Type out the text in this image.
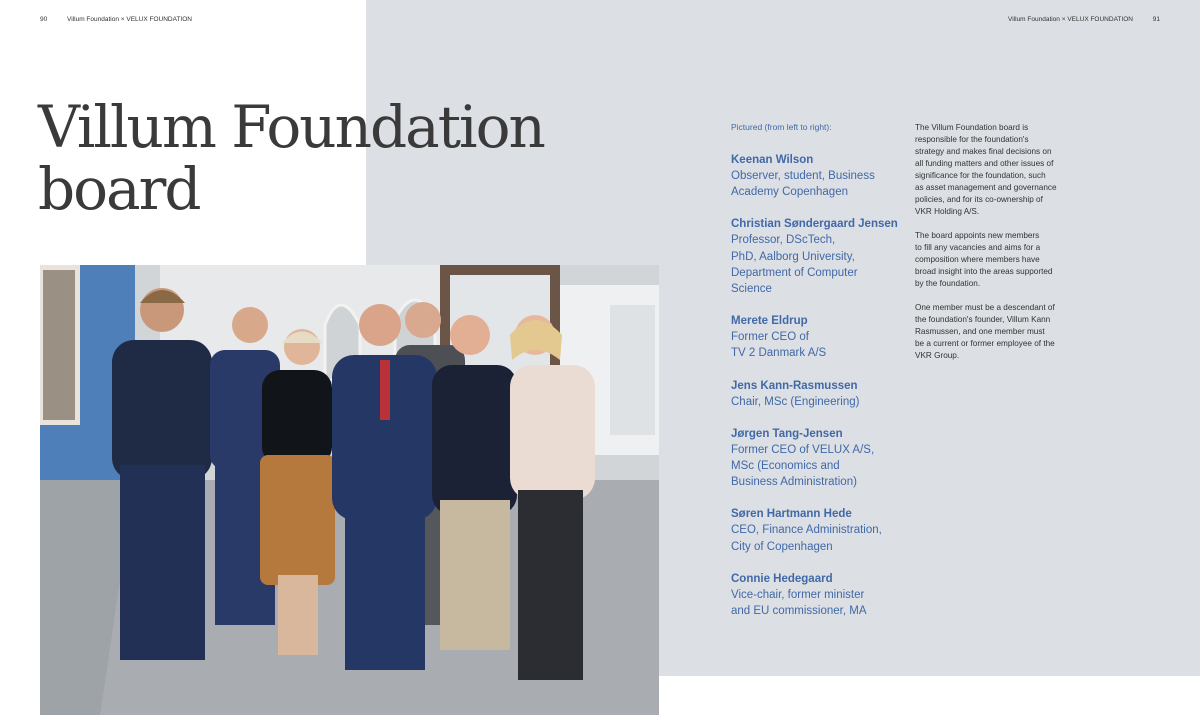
90	Villum Foundation × VELUX FOUNDATION	Villum Foundation × VELUX FOUNDATION	91
Villum Foundation
board

Pictured (from left to right):

Keenan Wilson
Observer, student, Business
Academy Copenhagen
Christian Søndergaard Jensen
Professor, DScTech,
PhD, Aalborg University,
Department of Computer
Science
Merete Eldrup
Former CEO of
TV 2 Danmark A/S
Jens Kann-Rasmussen
Chair, MSc (Engineering)
Jørgen Tang-Jensen
Former CEO of VELUX A/S,
MSc (Economics and
Business Administration)
Søren Hartmann Hede
CEO, Finance Administration,
City of Copenhagen
Connie Hedegaard
Vice-chair, former minister
and EU commissioner, MA

The Villum Foundation board is
responsible for the foundation's
strategy and makes final decisions on
all funding matters and other issues of
significance for the foundation, such
as asset management and governance
policies, and for its co-ownership of
VKR Holding A/S.

The board appoints new members
to fill any vacancies and aims for a
composition where members have
broad insight into the areas supported
by the foundation.

One member must be a descendant of
the foundation's founder, Villum Kann
Rasmussen, and one member must
be a current or former employee of the
VKR Group.
